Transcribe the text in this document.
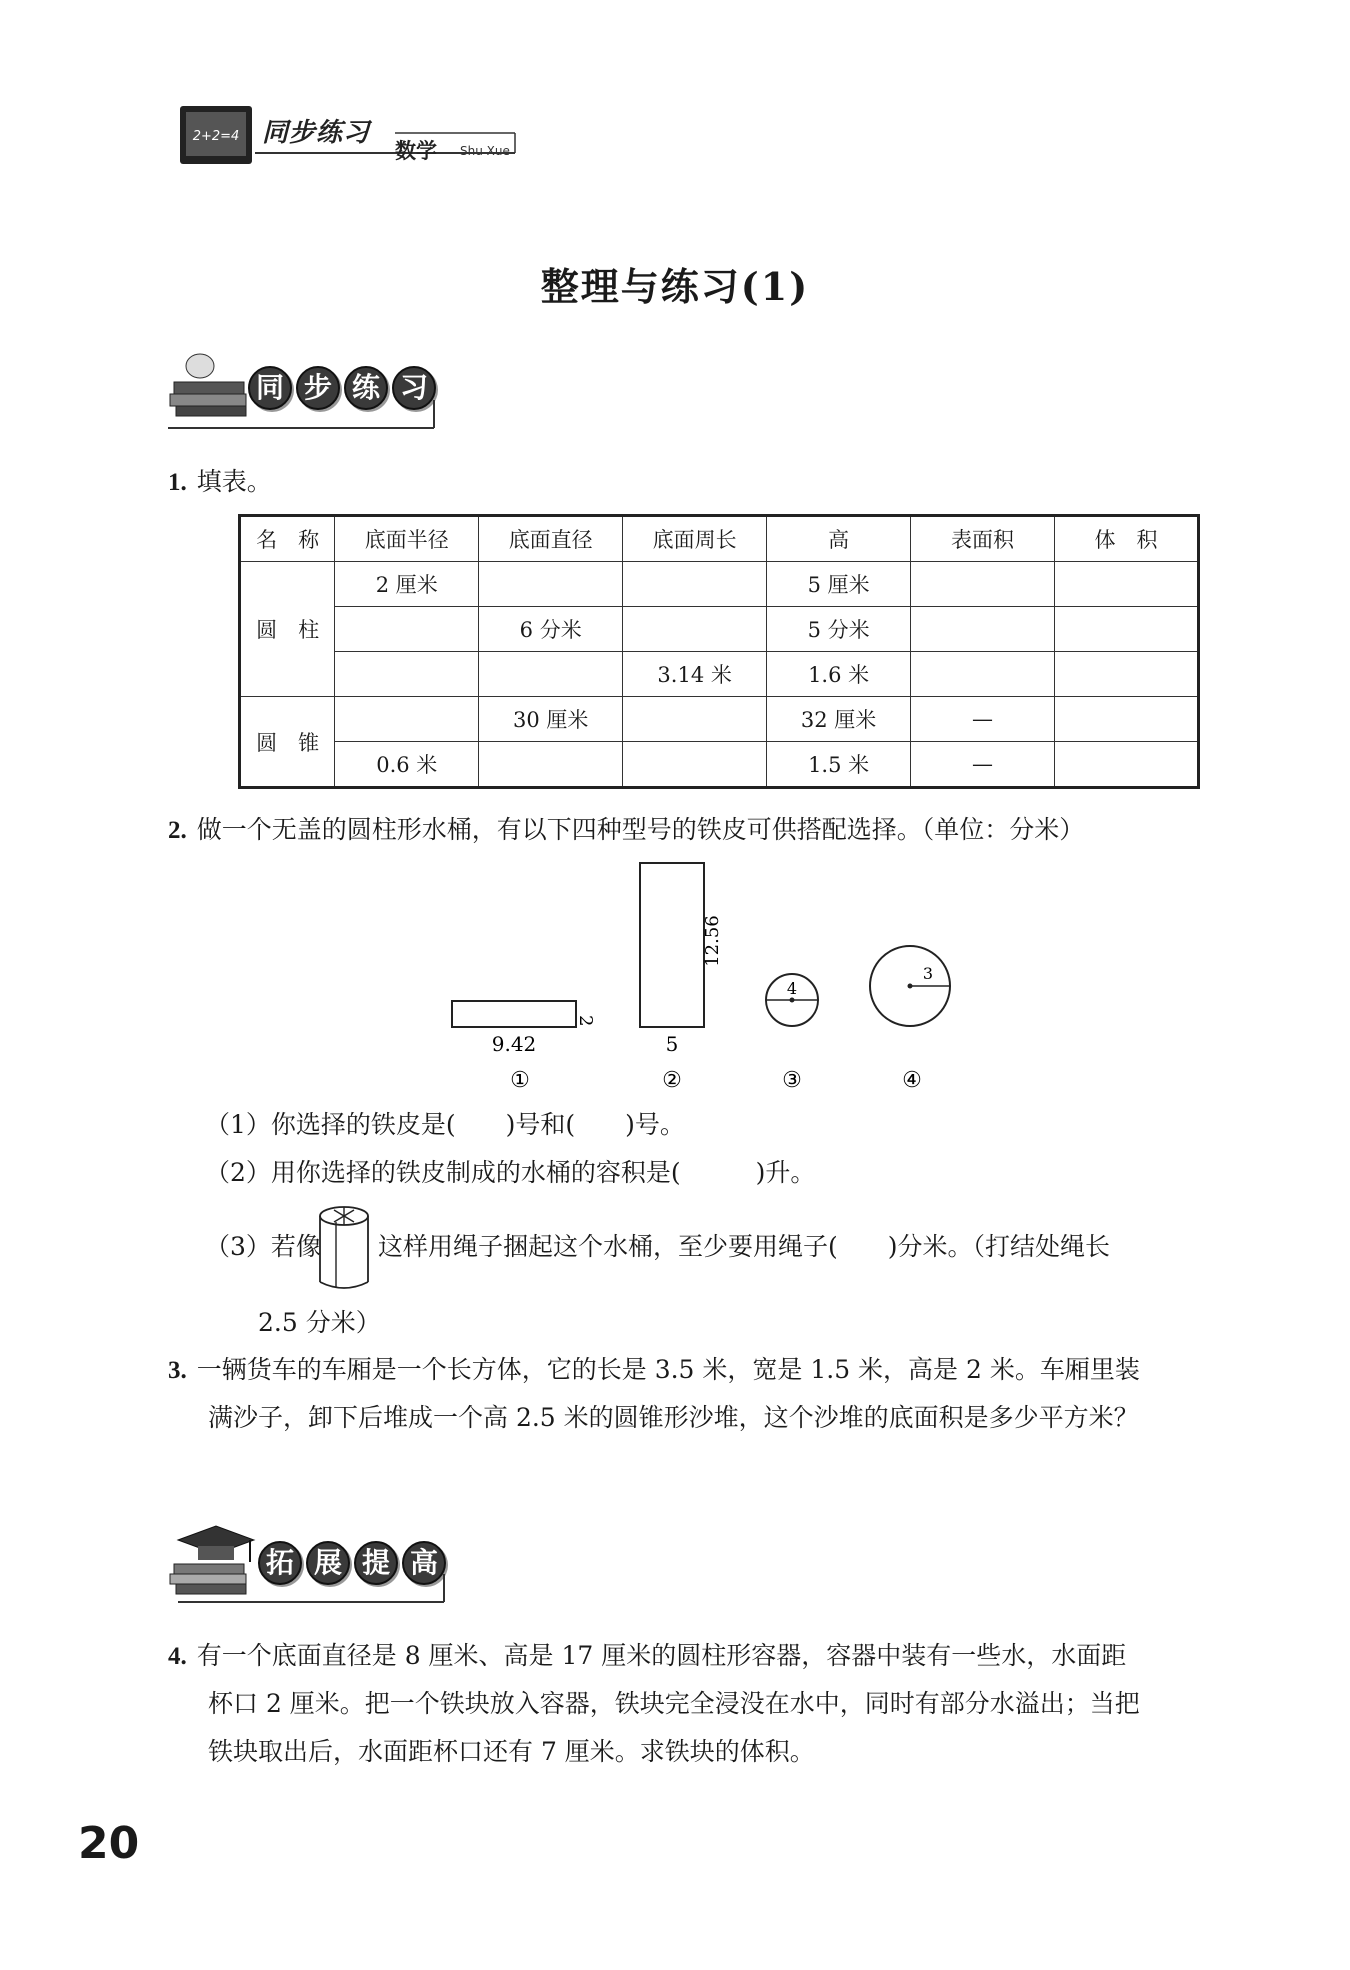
2+2=4 同步练习
数学 Shu Xue
整理与练习(1)
同 步 练 习
1. 填表。
名　称	底面半径	底面直径	底面周长	高	表面积	体　积
圆　柱	2 厘米			5 厘米		
		6 分米		5 分米		
			3.14 米	1.6 米		
圆　锥		30 厘米		32 厘米	—	
	0.6 米			1.5 米	—	
2. 做一个无盖的圆柱形水桶，有以下四种型号的铁皮可供搭配选择。（单位：分米）
9.42
2
5
12.56
4
3
①	②	③	④
（1）你选择的铁皮是(　　)号和(　　)号。
（2）用你选择的铁皮制成的水桶的容积是(　　　)升。
（3）若像 这样用绳子捆起这个水桶，至少要用绳子(　　)分米。（打结处绳长
2.5 分米）
3. 一辆货车的车厢是一个长方体，它的长是 3.5 米，宽是 1.5 米，高是 2 米。车厢里装
满沙子，卸下后堆成一个高 2.5 米的圆锥形沙堆，这个沙堆的底面积是多少平方米？
拓 展 提 高
4. 有一个底面直径是 8 厘米、高是 17 厘米的圆柱形容器，容器中装有一些水，水面距
杯口 2 厘米。把一个铁块放入容器，铁块完全浸没在水中，同时有部分水溢出；当把
铁块取出后，水面距杯口还有 7 厘米。求铁块的体积。
20
